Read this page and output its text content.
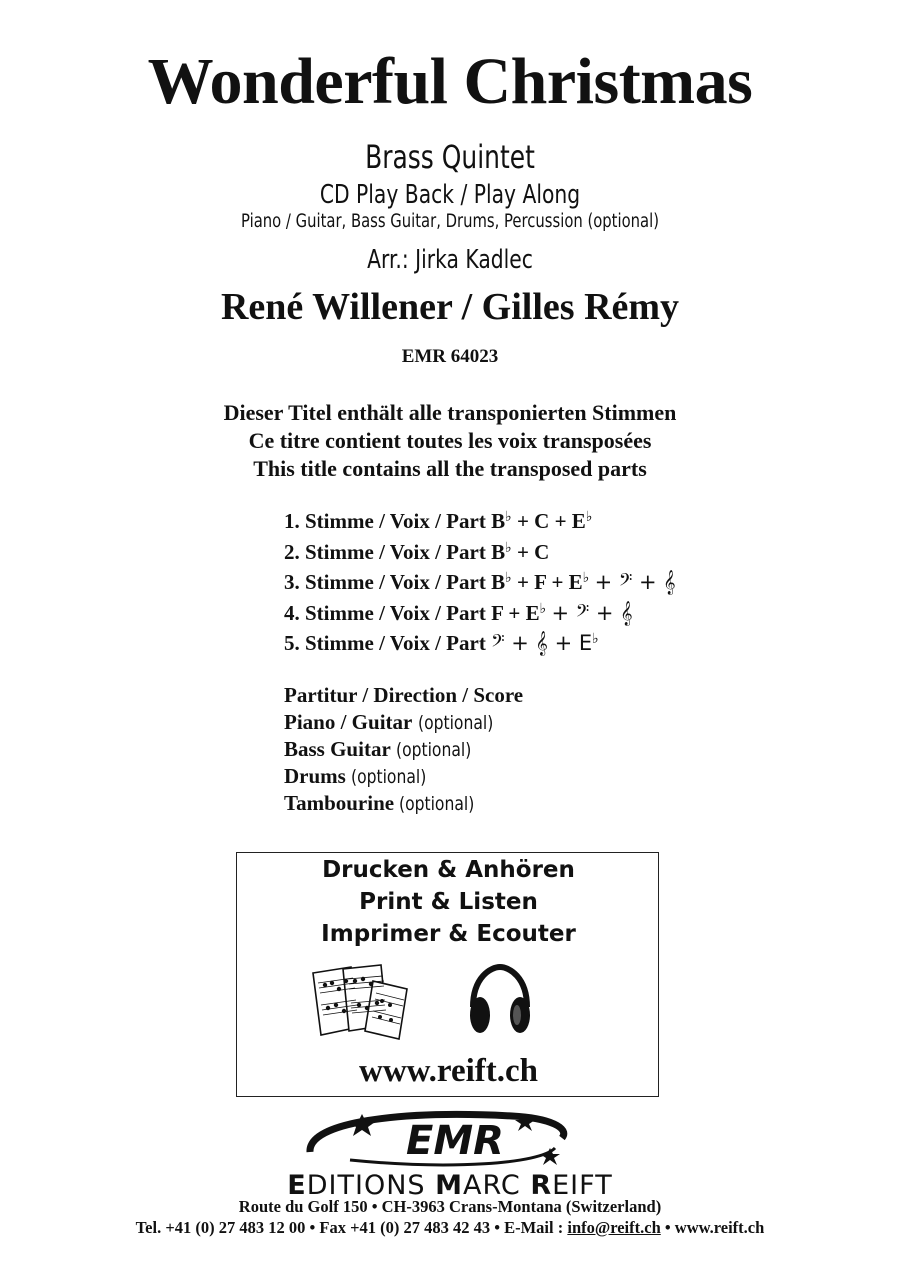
Wonderful Christmas
Brass Quintet
CD Play Back / Play Along
Piano / Guitar, Bass Guitar, Drums, Percussion (optional)
Arr.: Jirka Kadlec
René Willener / Gilles Rémy
EMR 64023
Dieser Titel enthält alle transponierten Stimmen
Ce titre contient toutes les voix transposées
This title contains all the transposed parts
1. Stimme / Voix / Part B♭ + C + E♭
2. Stimme / Voix / Part B♭ + C
3. Stimme / Voix / Part B♭ + F + E♭ + 𝄢 + 𝄞
4. Stimme / Voix / Part F + E♭ + 𝄢 + 𝄞
5. Stimme / Voix / Part 𝄢 + 𝄞 + E♭
Partitur / Direction / Score
Piano / Guitar (optional)
Bass Guitar (optional)
Drums (optional)
Tambourine (optional)
Drucken & Anhören
Print & Listen
Imprimer & Ecouter
www.reift.ch
EMR
EDITIONS MARC REIFT
Route du Golf 150 • CH-3963 Crans-Montana (Switzerland)
Tel. +41 (0) 27 483 12 00 • Fax +41 (0) 27 483 42 43 • E-Mail : info@reift.ch • www.reift.ch
